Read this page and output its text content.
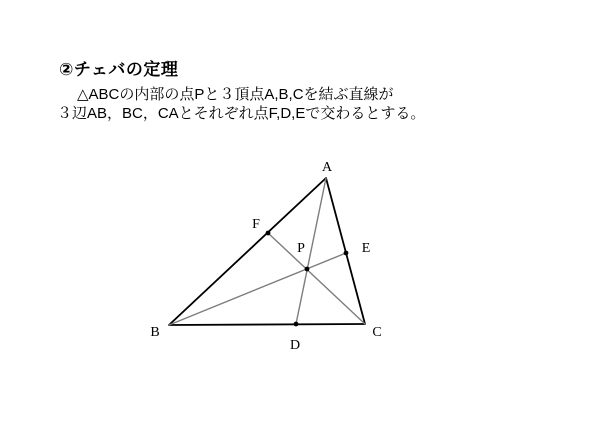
②チェバの定理
△ABCの内部の点Pと３頂点A,B,Cを結ぶ直線が
３辺AB，BC，CAとそれぞれ点F,D,Eで交わるとする。
A
B	C
D
E
F
P
